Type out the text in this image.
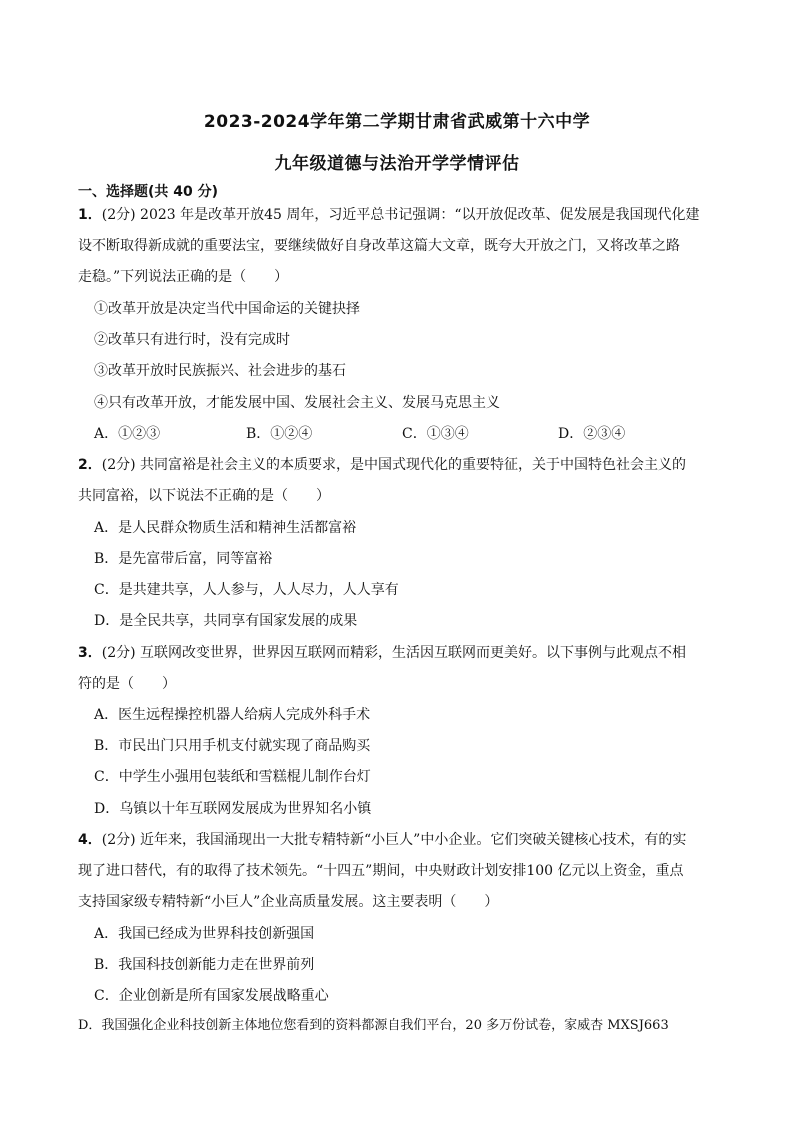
2023-2024学年第二学期甘肃省武威第十六中学
九年级道德与法治开学学情评估
一、选择题(共 40 分)
1．(2分) 2023 年是改革开放45 周年，习近平总书记强调：“以开放促改革、促发展是我国现代化建
设不断取得新成就的重要法宝，要继续做好自身改革这篇大文章，既夸大开放之门，又将改革之路
走稳。”下列说法正确的是（　　）
①改革开放是决定当代中国命运的关键抉择
②改革只有进行时，没有完成时
③改革开放时民族振兴、社会进步的基石
④只有改革开放，才能发展中国、发展社会主义、发展马克思主义
A．①②③	B．①②④	C．①③④	D．②③④
2．(2分) 共同富裕是社会主义的本质要求，是中国式现代化的重要特征，关于中国特色社会主义的
共同富裕，以下说法不正确的是（　　）
A．是人民群众物质生活和精神生活都富裕
B．是先富带后富，同等富裕
C．是共建共享，人人参与，人人尽力，人人享有
D．是全民共享，共同享有国家发展的成果
3．(2分) 互联网改变世界，世界因互联网而精彩，生活因互联网而更美好。以下事例与此观点不相
符的是（　　）
A．医生远程操控机器人给病人完成外科手术
B．市民出门只用手机支付就实现了商品购买
C．中学生小强用包装纸和雪糕棍儿制作台灯
D．乌镇以十年互联网发展成为世界知名小镇
4．(2分) 近年来，我国涌现出一大批专精特新“小巨人”中小企业。它们突破关键核心技术，有的实
现了进口替代，有的取得了技术领先。“十四五”期间，中央财政计划安排100 亿元以上资金，重点
支持国家级专精特新“小巨人”企业高质量发展。这主要表明（　　）
A．我国已经成为世界科技创新强国
B．我国科技创新能力走在世界前列
C．企业创新是所有国家发展战略重心
D．我国强化企业科技创新主体地位您看到的资料都源自我们平台，20 多万份试卷，家威杏 MXSJ663
